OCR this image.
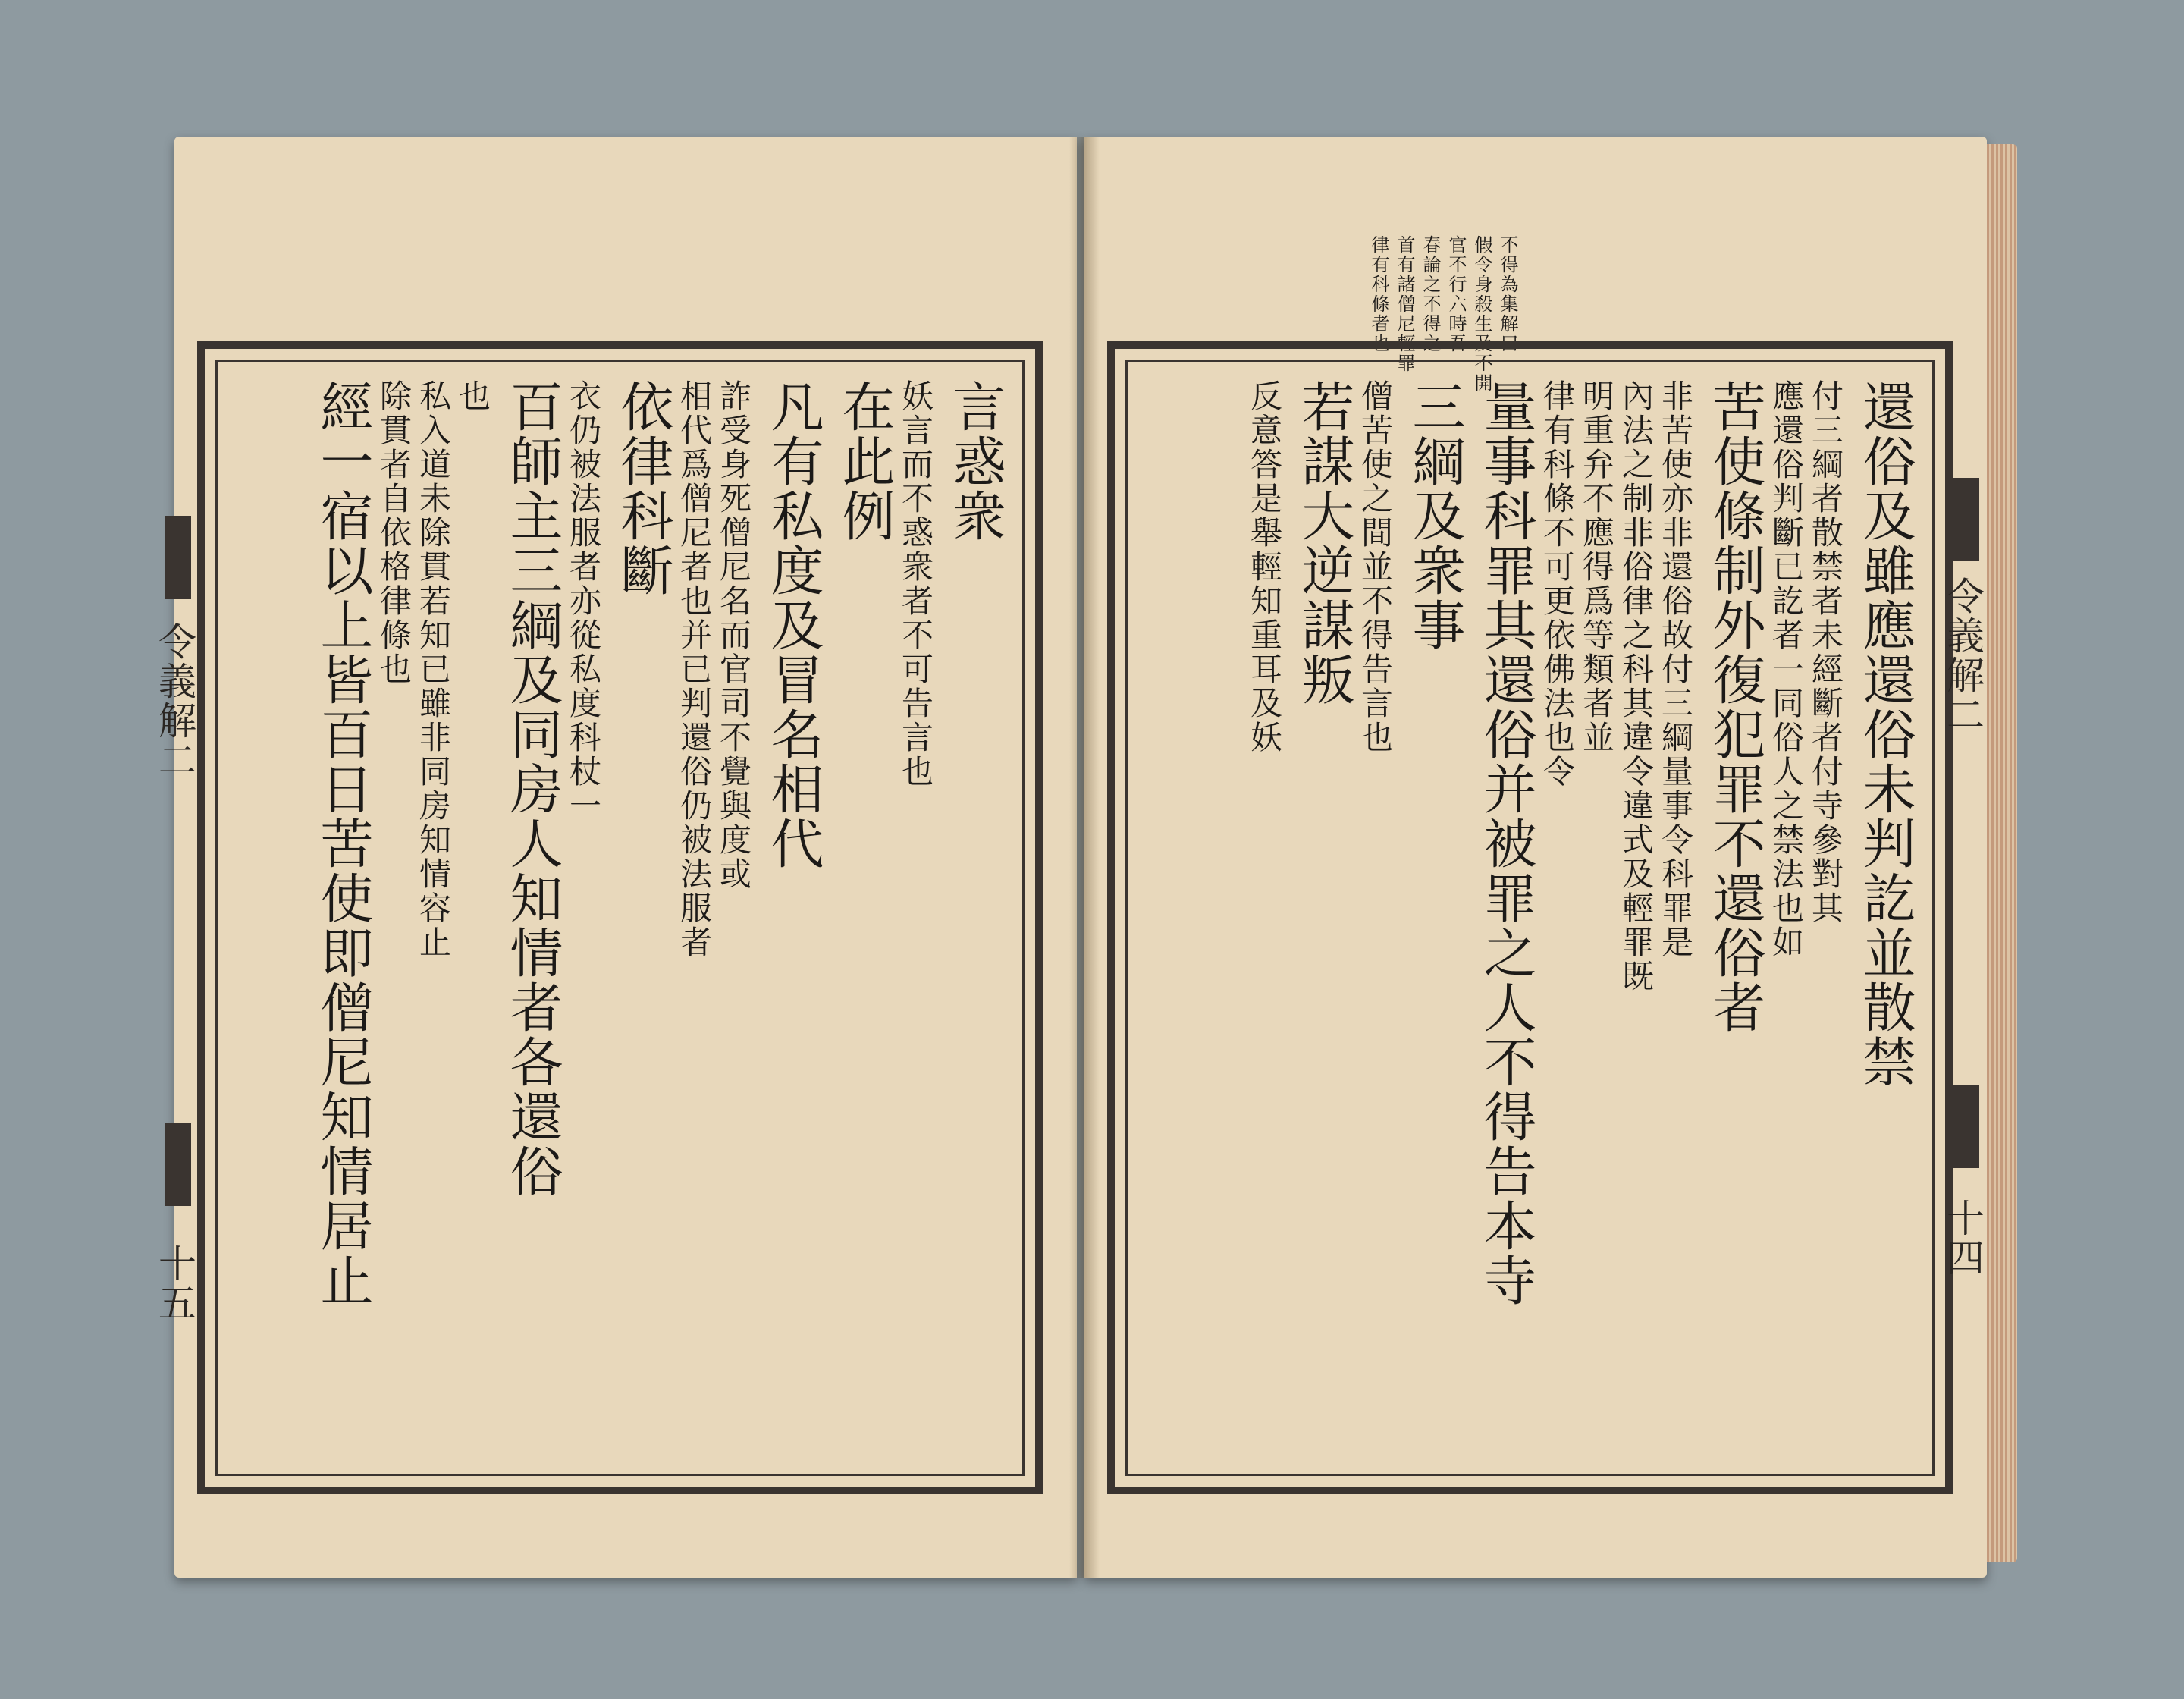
不得為集解曰
假令身殺生及不開
官不行六時吾
春論之不得之
首有諸僧尼輕罪
律有科條者也
言惑衆
妖言而不惑衆者不可告言也
在此例
凡有私度及冒名相代
詐受身死僧尼名而官司不覺與度或
相代爲僧尼者也并已判還俗仍被法服者
依律科斷
衣仍被法服者亦從私度科杖一
百師主三綱及同房人知情者各還俗
也
私入道未除貫若知已雖非同房知情容止
除貫者自依格律條也
經一宿以上皆百日苦使即僧尼知情居止	還俗及雖應還俗未判訖並散禁
付三綱者散禁者未經斷者付寺參對其
應還俗判斷已訖者一同俗人之禁法也如
苦使條制外復犯罪不還俗者
非苦使亦非還俗故付三綱量事令科罪是
內法之制非俗律之科其違令違式及輕罪既
明重弁不應得爲等類者並
律有科條不可更依佛法也令
量事科罪其還俗并被罪之人不得告本寺
三綱及衆事
僧苦使之間並不得告言也
若謀大逆謀叛
反意答是舉輕知重耳及妖
令義解二
十五
令義解二
十四
